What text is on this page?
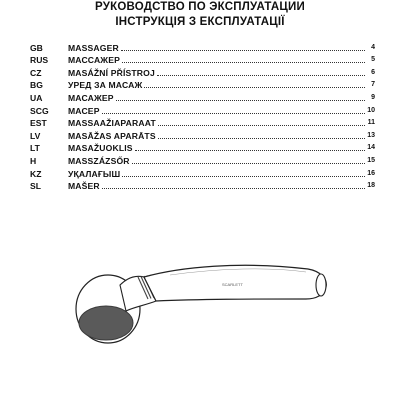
РУКОВОДСТВО ПО ЭКСПЛУАТАЦИИ
ІНСТРУКЦІЯ З ЕКСПЛУАТАЦІЇ
GB	MASSAGER	4
RUS	МАССАЖЕР	5
CZ	MASÁŽNÍ PŘÍSTROJ	6
BG	УРЕД ЗА МАСАЖ	7
UA	МАСАЖЕР	9
SCG	МАСЕР	10
EST	MASSAAŽIAPARAAT	11
LV	MASĀŽAS APARĀTS	13
LT	MASAŽUOKLIS	14
H	MASSZÁZSŐR	15
KZ	УҚАЛАҒЫШ	16
SL	MAŠER	18
SCARLETT
